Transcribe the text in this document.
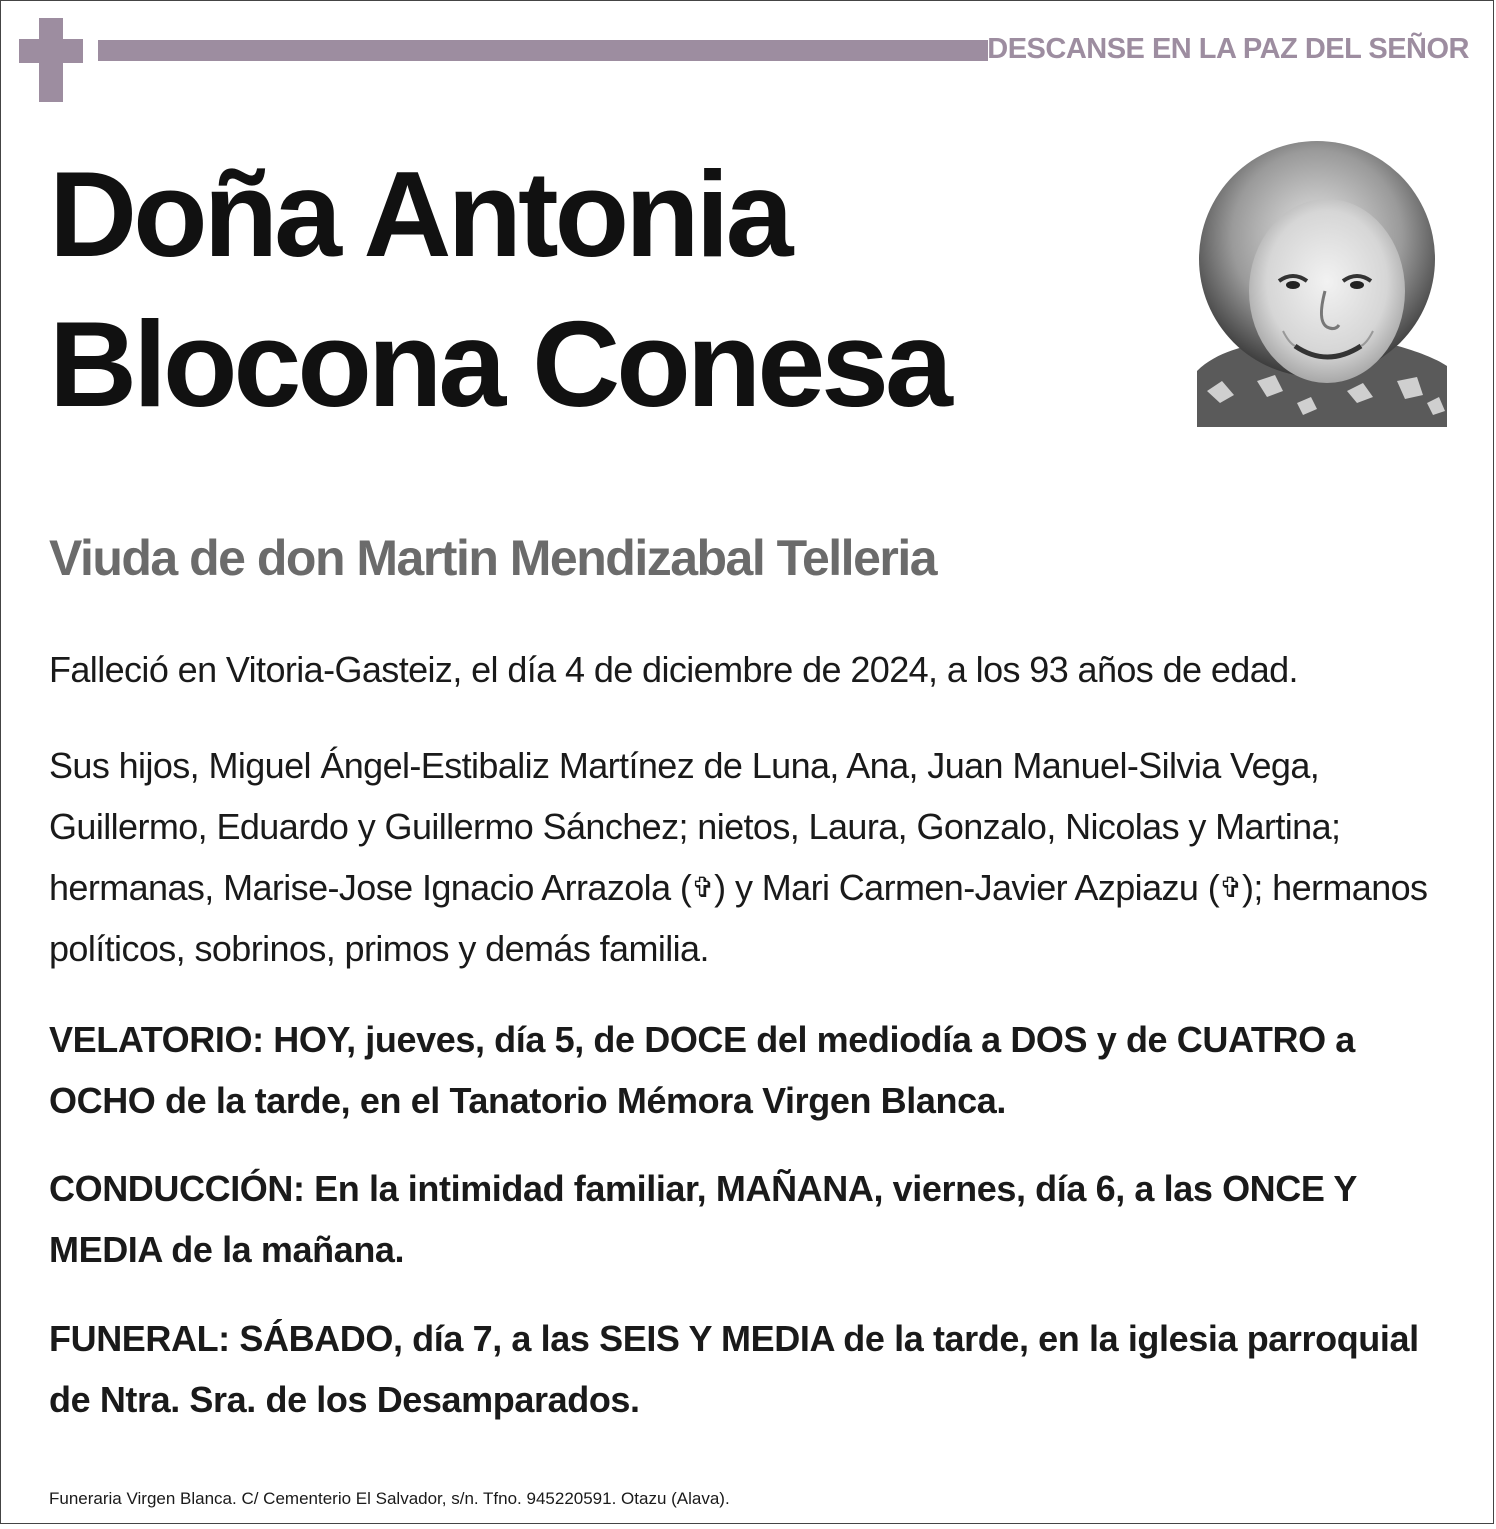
DESCANSE EN LA PAZ DEL SEÑOR
Doña Antonia
Blocona Conesa
Viuda de don Martin Mendizabal Telleria
Falleció en Vitoria-Gasteiz, el día 4 de diciembre de 2024, a los 93 años de edad.
Sus hijos, Miguel Ángel-Estibaliz Martínez de Luna, Ana, Juan Manuel-Silvia Vega, Guillermo, Eduardo y Guillermo Sánchez; nietos, Laura, Gonzalo, Nicolas y Martina; hermanas, Marise-Jose Ignacio Arrazola (✞) y Mari Carmen-Javier Azpiazu (✞); hermanos políticos, sobrinos, primos y demás familia.
VELATORIO: HOY, jueves, día 5, de DOCE del mediodía a DOS y de CUATRO a OCHO de la tarde, en el Tanatorio Mémora Virgen Blanca.
CONDUCCIÓN: En la intimidad familiar, MAÑANA, viernes, día 6, a las ONCE Y MEDIA de la mañana.
FUNERAL: SÁBADO, día 7, a las SEIS Y MEDIA de la tarde, en la iglesia parroquial de Ntra. Sra. de los Desamparados.
Funeraria Virgen Blanca. C/ Cementerio El Salvador, s/n. Tfno. 945220591. Otazu (Alava).
